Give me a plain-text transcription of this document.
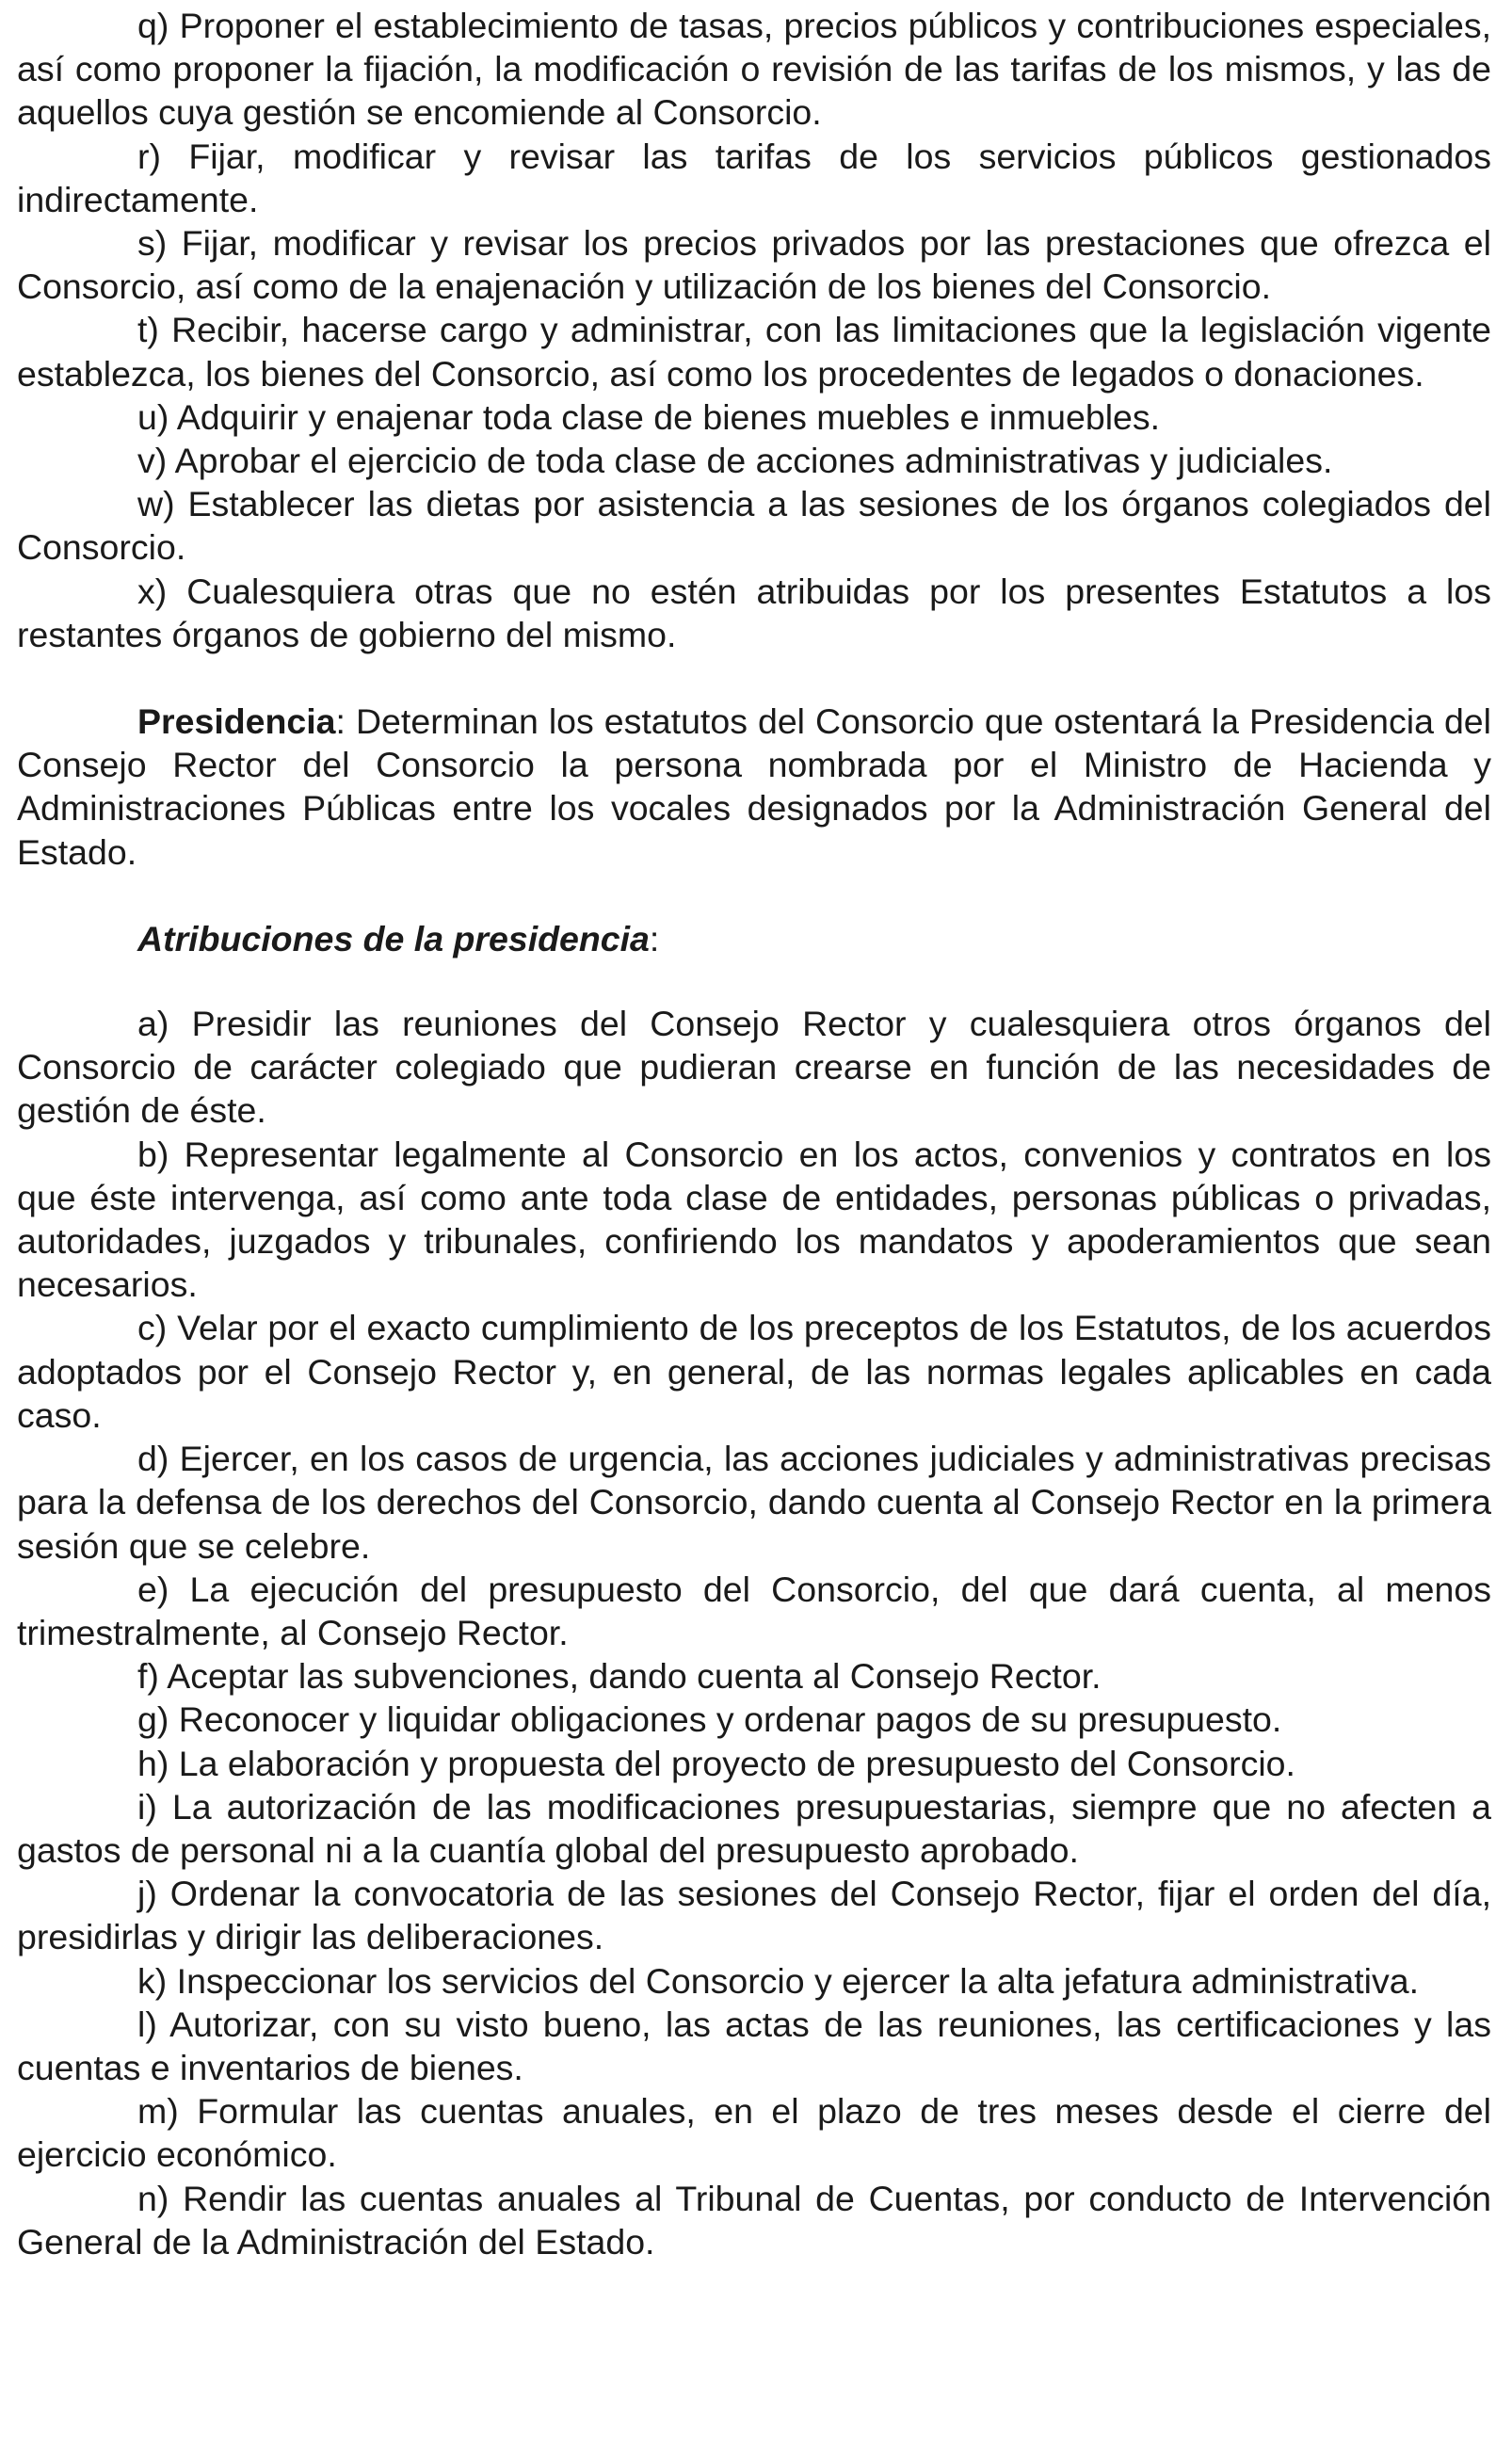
q) Proponer el establecimiento de tasas, precios públicos y contribuciones especiales, así como proponer la fijación, la modificación o revisión de las tarifas de los mismos, y las de aquellos cuya gestión se encomiende al Consorcio.

r) Fijar, modificar y revisar las tarifas de los servicios públicos gestionados indirectamente.

s) Fijar, modificar y revisar los precios privados por las prestaciones que ofrezca el Consorcio, así como de la enajenación y utilización de los bienes del Consorcio.

t) Recibir, hacerse cargo y administrar, con las limitaciones que la legislación vigente establezca, los bienes del Consorcio, así como los procedentes de legados o donaciones.

u) Adquirir y enajenar toda clase de bienes muebles e inmuebles.

v) Aprobar el ejercicio de toda clase de acciones administrativas y judiciales.

w) Establecer las dietas por asistencia a las sesiones de los órganos colegiados del Consorcio.

x) Cualesquiera otras que no estén atribuidas por los presentes Estatutos a los restantes órganos de gobierno del mismo.

Presidencia: Determinan los estatutos del Consorcio que ostentará la Presidencia del Consejo Rector del Consorcio la persona nombrada por el Ministro de Hacienda y Administraciones Públicas entre los vocales designados por la Administración General del Estado.

Atribuciones de la presidencia:

a) Presidir las reuniones del Consejo Rector y cualesquiera otros órganos del Consorcio de carácter colegiado que pudieran crearse en función de las necesidades de gestión de éste.

b) Representar legalmente al Consorcio en los actos, convenios y contratos en los que éste intervenga, así como ante toda clase de entidades, personas públicas o privadas, autoridades, juzgados y tribunales, confiriendo los mandatos y apoderamientos que sean necesarios.

c) Velar por el exacto cumplimiento de los preceptos de los Estatutos, de los acuerdos adoptados por el Consejo Rector y, en general, de las normas legales aplicables en cada caso.

d) Ejercer, en los casos de urgencia, las acciones judiciales y administrativas precisas para la defensa de los derechos del Consorcio, dando cuenta al Consejo Rector en la primera sesión que se celebre.

e) La ejecución del presupuesto del Consorcio, del que dará cuenta, al menos trimestralmente, al Consejo Rector.

f) Aceptar las subvenciones, dando cuenta al Consejo Rector.

g) Reconocer y liquidar obligaciones y ordenar pagos de su presupuesto.

h) La elaboración y propuesta del proyecto de presupuesto del Consorcio.

i) La autorización de las modificaciones presupuestarias, siempre que no afecten a gastos de personal ni a la cuantía global del presupuesto aprobado.

j) Ordenar la convocatoria de las sesiones del Consejo Rector, fijar el orden del día, presidirlas y dirigir las deliberaciones.

k) Inspeccionar los servicios del Consorcio y ejercer la alta jefatura administrativa.

l) Autorizar, con su visto bueno, las actas de las reuniones, las certificaciones y las cuentas e inventarios de bienes.

m) Formular las cuentas anuales, en el plazo de tres meses desde el cierre del ejercicio económico.

n) Rendir las cuentas anuales al Tribunal de Cuentas, por conducto de Intervención General de la Administración del Estado.
